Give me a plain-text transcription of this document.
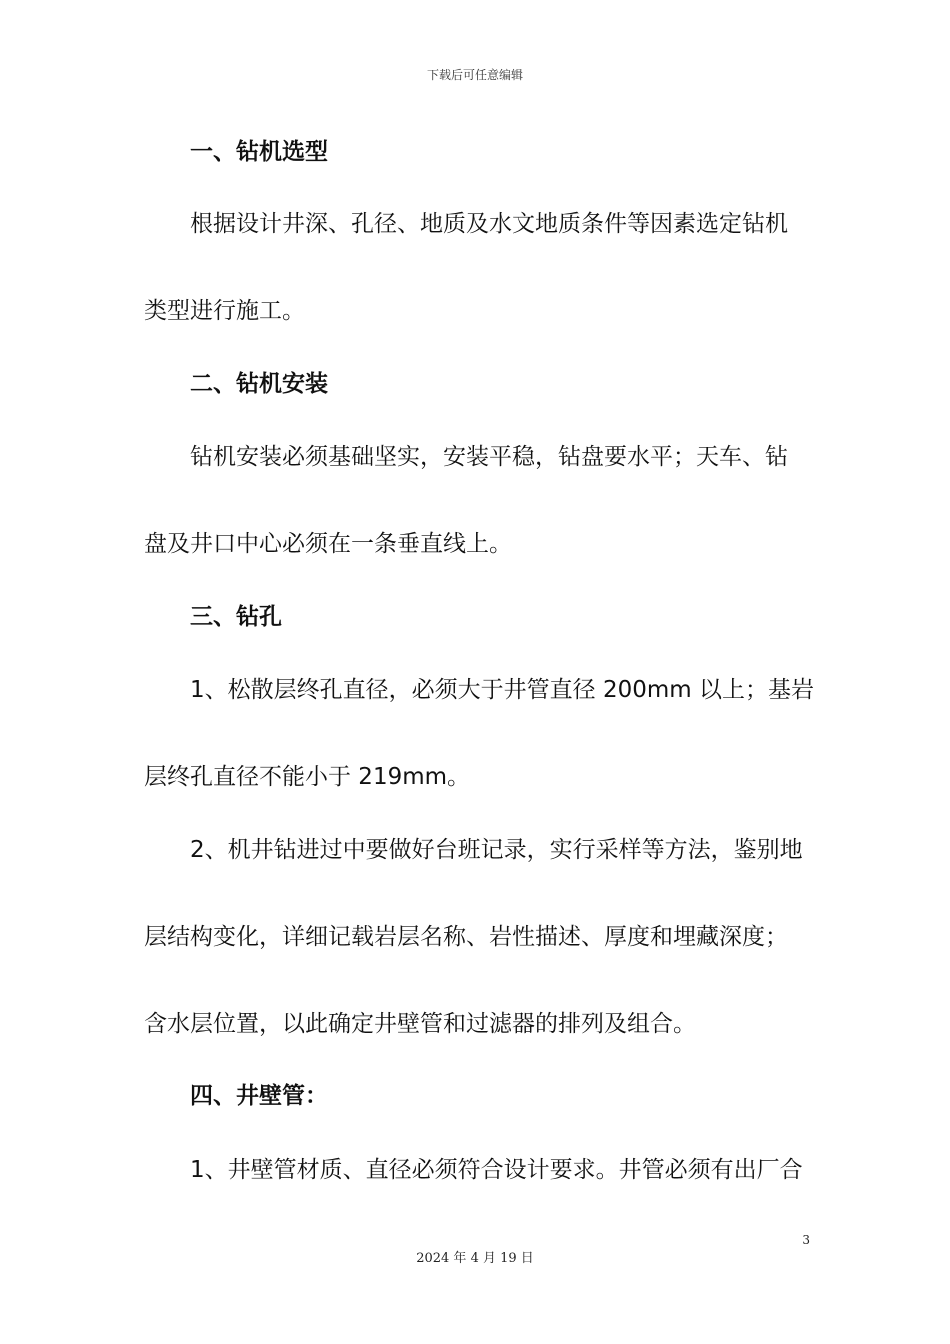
下载后可任意编辑
一、钻机选型
根据设计井深、孔径、地质及水文地质条件等因素选定钻机
类型进行施工。
二、钻机安装
钻机安装必须基础坚实，安装平稳，钻盘要水平；天车、钻
盘及井口中心必须在一条垂直线上。
三、钻孔
1、松散层终孔直径，必须大于井管直径 200mm 以上；基岩
层终孔直径不能小于 219mm。
2、机井钻进过中要做好台班记录，实行采样等方法，鉴别地
层结构变化，详细记载岩层名称、岩性描述、厚度和埋藏深度；
含水层位置，以此确定井壁管和过滤器的排列及组合。
四、井壁管：
1、井壁管材质、直径必须符合设计要求。井管必须有出厂合
3
2024 年 4 月 19 日
